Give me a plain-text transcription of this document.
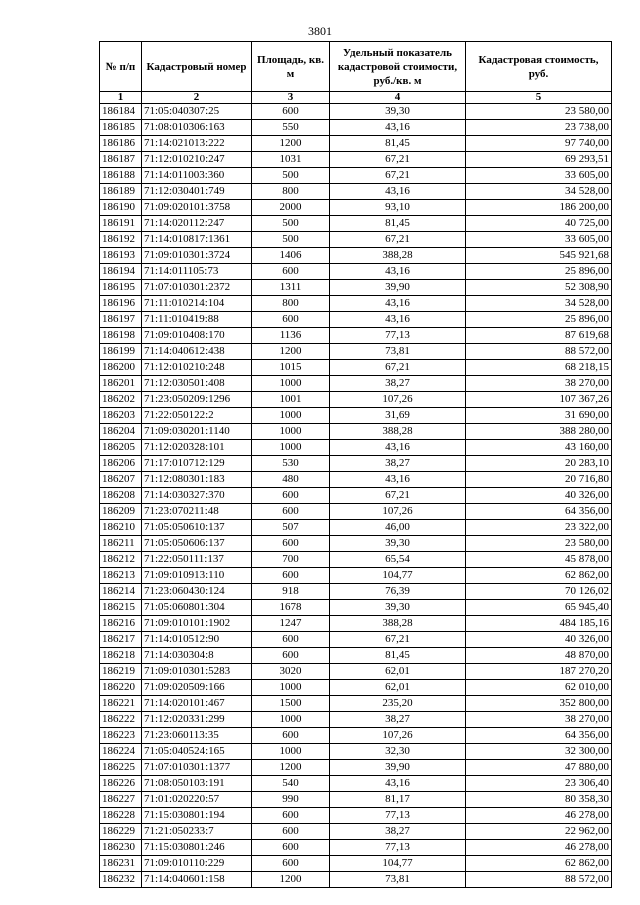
3801
№ п/п	Кадастровый номер	Площадь, кв. м	Удельный показатель кадастровой стоимости, руб./кв. м	Кадастровая стоимость, руб.
1	2	3	4	5
186184	71:05:040307:25	600	39,30	23 580,00
186185	71:08:010306:163	550	43,16	23 738,00
186186	71:14:021013:222	1200	81,45	97 740,00
186187	71:12:010210:247	1031	67,21	69 293,51
186188	71:14:011003:360	500	67,21	33 605,00
186189	71:12:030401:749	800	43,16	34 528,00
186190	71:09:020101:3758	2000	93,10	186 200,00
186191	71:14:020112:247	500	81,45	40 725,00
186192	71:14:010817:1361	500	67,21	33 605,00
186193	71:09:010301:3724	1406	388,28	545 921,68
186194	71:14:011105:73	600	43,16	25 896,00
186195	71:07:010301:2372	1311	39,90	52 308,90
186196	71:11:010214:104	800	43,16	34 528,00
186197	71:11:010419:88	600	43,16	25 896,00
186198	71:09:010408:170	1136	77,13	87 619,68
186199	71:14:040612:438	1200	73,81	88 572,00
186200	71:12:010210:248	1015	67,21	68 218,15
186201	71:12:030501:408	1000	38,27	38 270,00
186202	71:23:050209:1296	1001	107,26	107 367,26
186203	71:22:050122:2	1000	31,69	31 690,00
186204	71:09:030201:1140	1000	388,28	388 280,00
186205	71:12:020328:101	1000	43,16	43 160,00
186206	71:17:010712:129	530	38,27	20 283,10
186207	71:12:080301:183	480	43,16	20 716,80
186208	71:14:030327:370	600	67,21	40 326,00
186209	71:23:070211:48	600	107,26	64 356,00
186210	71:05:050610:137	507	46,00	23 322,00
186211	71:05:050606:137	600	39,30	23 580,00
186212	71:22:050111:137	700	65,54	45 878,00
186213	71:09:010913:110	600	104,77	62 862,00
186214	71:23:060430:124	918	76,39	70 126,02
186215	71:05:060801:304	1678	39,30	65 945,40
186216	71:09:010101:1902	1247	388,28	484 185,16
186217	71:14:010512:90	600	67,21	40 326,00
186218	71:14:030304:8	600	81,45	48 870,00
186219	71:09:010301:5283	3020	62,01	187 270,20
186220	71:09:020509:166	1000	62,01	62 010,00
186221	71:14:020101:467	1500	235,20	352 800,00
186222	71:12:020331:299	1000	38,27	38 270,00
186223	71:23:060113:35	600	107,26	64 356,00
186224	71:05:040524:165	1000	32,30	32 300,00
186225	71:07:010301:1377	1200	39,90	47 880,00
186226	71:08:050103:191	540	43,16	23 306,40
186227	71:01:020220:57	990	81,17	80 358,30
186228	71:15:030801:194	600	77,13	46 278,00
186229	71:21:050233:7	600	38,27	22 962,00
186230	71:15:030801:246	600	77,13	46 278,00
186231	71:09:010110:229	600	104,77	62 862,00
186232	71:14:040601:158	1200	73,81	88 572,00
